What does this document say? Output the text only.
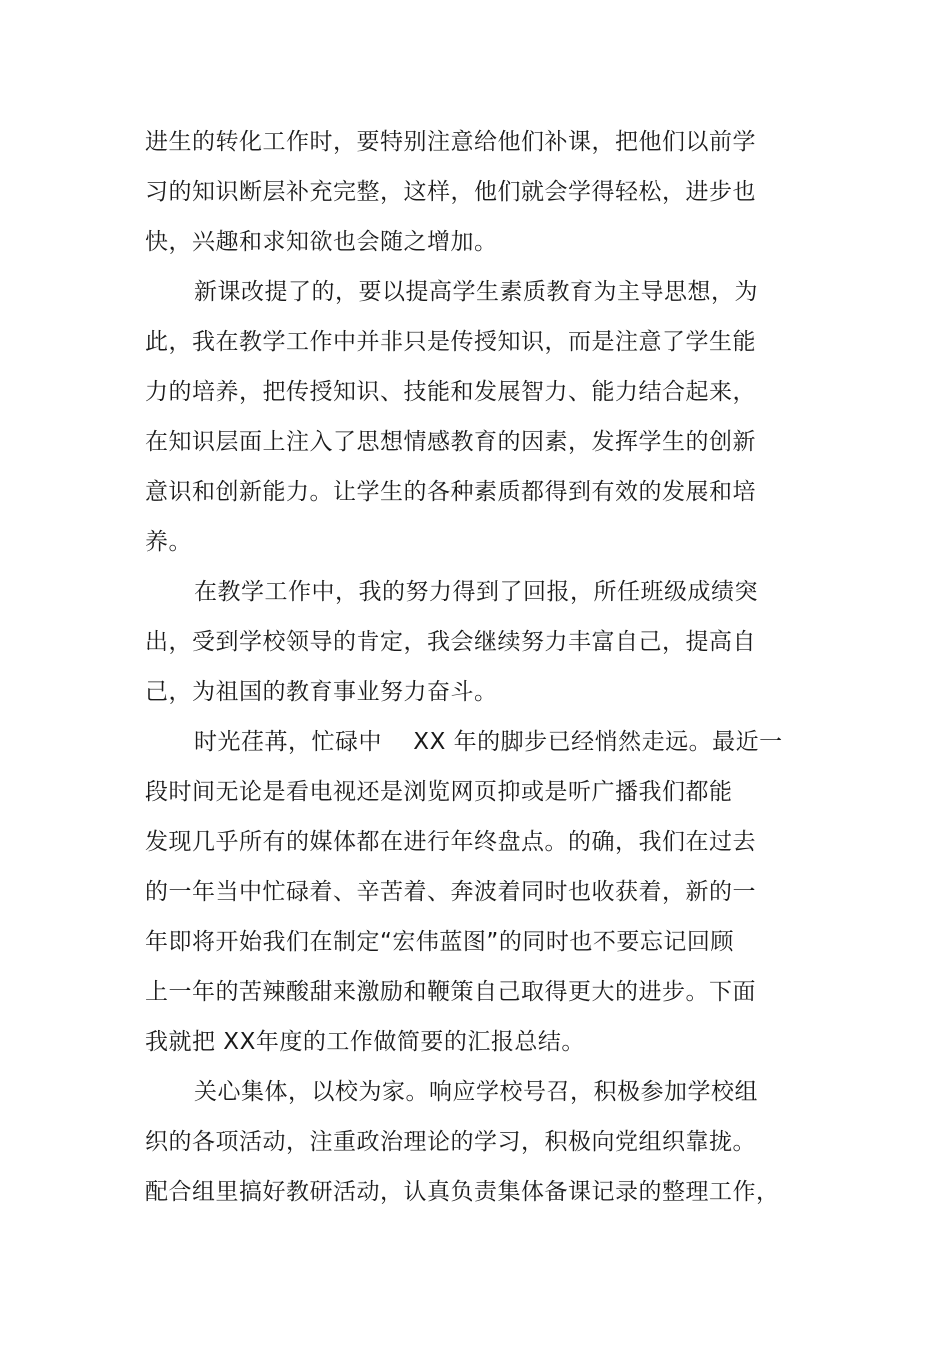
进生的转化工作时，要特别注意给他们补课，把他们以前学

习的知识断层补充完整，这样，他们就会学得轻松，进步也

快，兴趣和求知欲也会随之增加。

新课改提了的，要以提高学生素质教育为主导思想，为

此，我在教学工作中并非只是传授知识，而是注意了学生能

力的培养，把传授知识、技能和发展智力、能力结合起来，

在知识层面上注入了思想情感教育的因素，发挥学生的创新

意识和创新能力。让学生的各种素质都得到有效的发展和培

养。

在教学工作中，我的努力得到了回报，所任班级成绩突

出，受到学校领导的肯定，我会继续努力丰富自己，提高自

己，为祖国的教育事业努力奋斗。

时光荏苒，忙碌中　 XX 年的脚步已经悄然走远。最近一

段时间无论是看电视还是浏览网页抑或是听广播我们都能

发现几乎所有的媒体都在进行年终盘点。的确，我们在过去

的一年当中忙碌着、辛苦着、奔波着同时也收获着，新的一

年即将开始我们在制定“宏伟蓝图”的同时也不要忘记回顾

上一年的苦辣酸甜来激励和鞭策自己取得更大的进步。下面

我就把 XX年度的工作做简要的汇报总结。

关心集体，以校为家。响应学校号召，积极参加学校组

织的各项活动，注重政治理论的学习，积极向党组织靠拢。

配合组里搞好教研活动，认真负责集体备课记录的整理工作，
